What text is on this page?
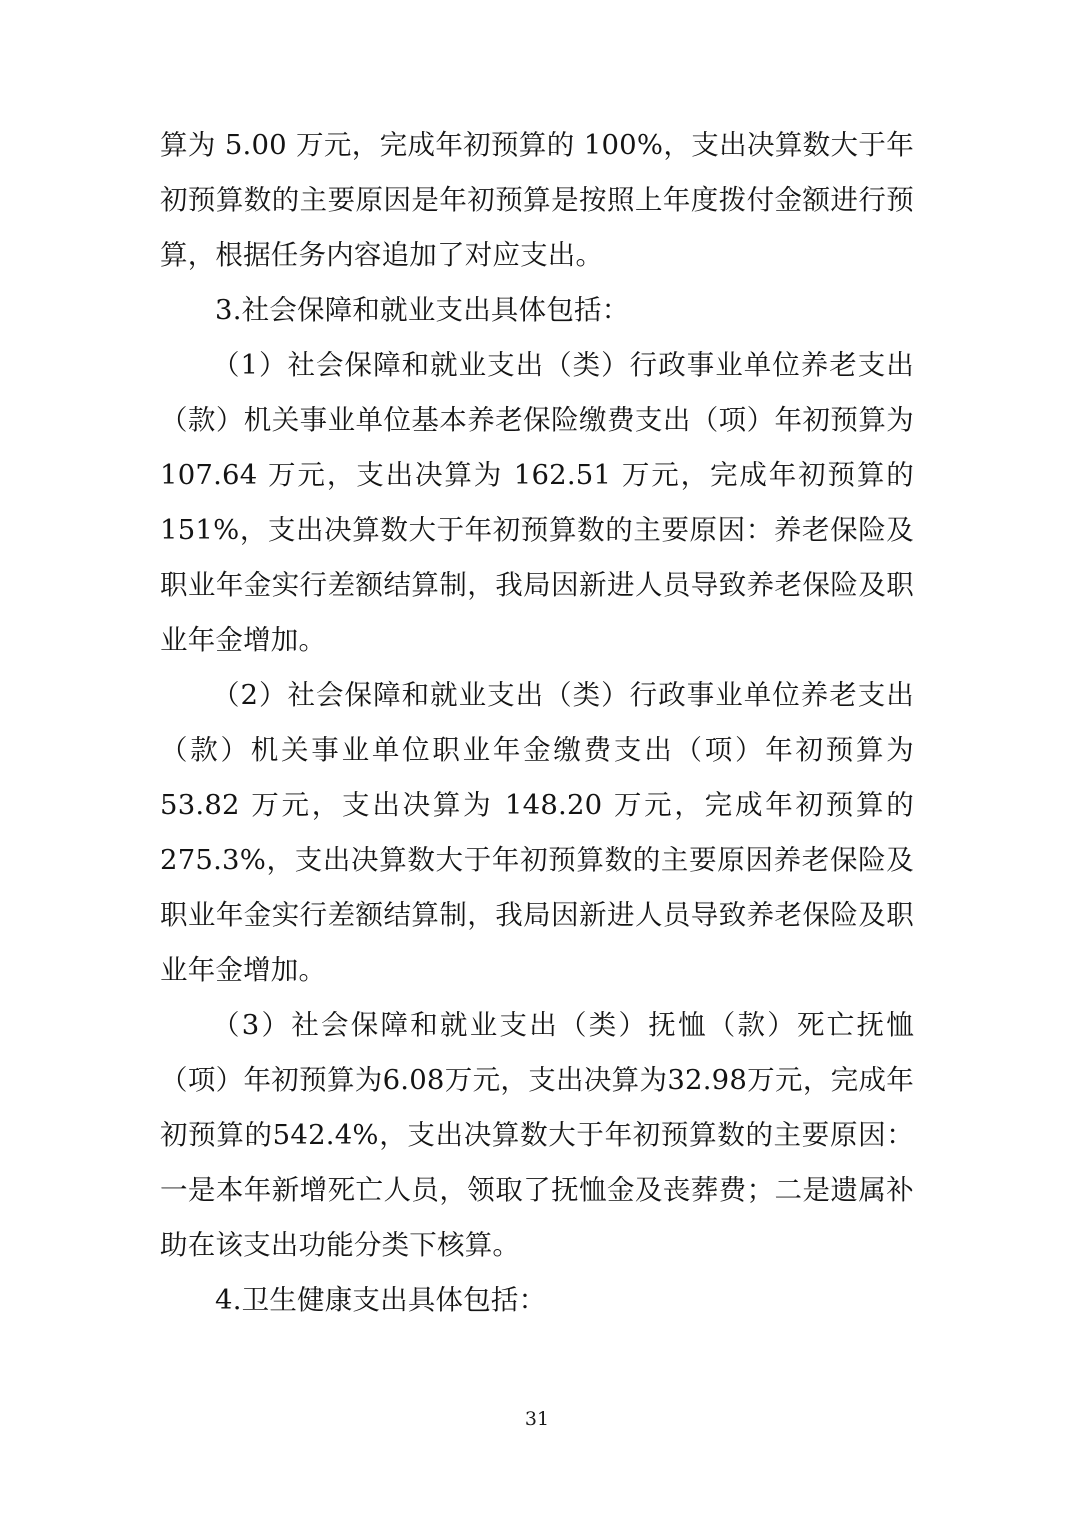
算为 5.00 万元，完成年初预算的 100%，支出决算数大于年初预算数的主要原因是年初预算是按照上年度拨付金额进行预算，根据任务内容追加了对应支出。

3.社会保障和就业支出具体包括：

（1）社会保障和就业支出（类）行政事业单位养老支出（款）机关事业单位基本养老保险缴费支出（项）年初预算为 107.64 万元，支出决算为 162.51 万元，完成年初预算的 151%，支出决算数大于年初预算数的主要原因：养老保险及职业年金实行差额结算制，我局因新进人员导致养老保险及职业年金增加。

（2）社会保障和就业支出（类）行政事业单位养老支出（款）机关事业单位职业年金缴费支出（项）年初预算为 53.82 万元，支出决算为 148.20 万元，完成年初预算的 275.3%，支出决算数大于年初预算数的主要原因养老保险及职业年金实行差额结算制，我局因新进人员导致养老保险及职业年金增加。

（3）社会保障和就业支出（类）抚恤（款）死亡抚恤（项）年初预算为6.08万元，支出决算为32.98万元，完成年初预算的542.4%，支出决算数大于年初预算数的主要原因：一是本年新增死亡人员，领取了抚恤金及丧葬费；二是遗属补助在该支出功能分类下核算。

4.卫生健康支出具体包括：

31
